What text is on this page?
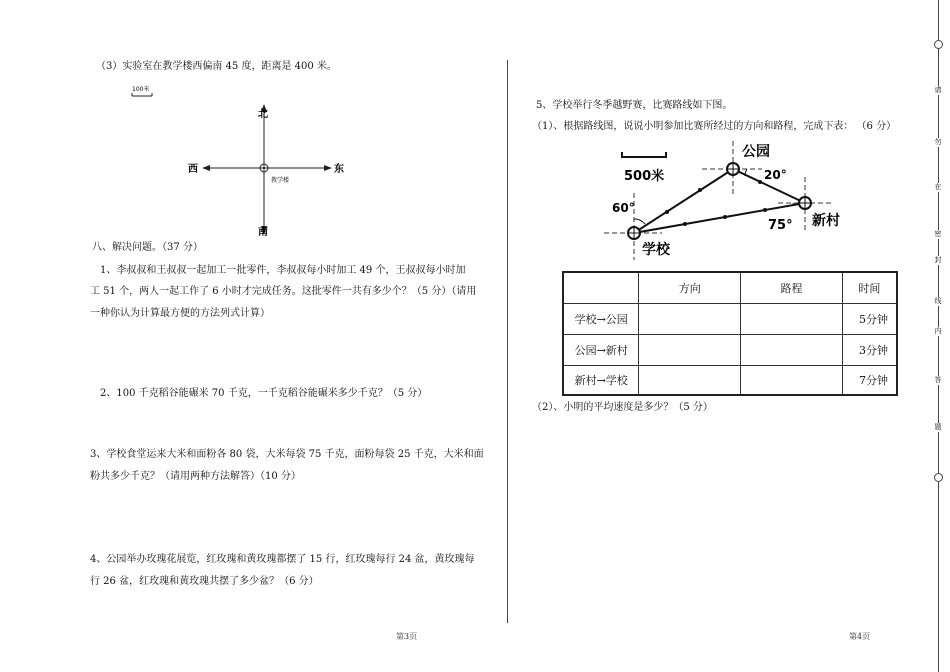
（3）实验室在教学楼西偏南 45 度，距离是 400 米。
100米
北
南
东
西
教学楼
八、解决问题。（37 分）
1、李叔叔和王叔叔一起加工一批零件，李叔叔每小时加工 49 个，王叔叔每小时加
工 51 个，两人一起工作了 6 小时才完成任务。这批零件一共有多少个？（5 分）（请用
一种你认为计算最方便的方法列式计算）
2、100 千克稻谷能碾米 70 千克，一千克稻谷能碾米多少千克？（5 分）
3、学校食堂运来大米和面粉各 80 袋，大米每袋 75 千克，面粉每袋 25 千克，大米和面
粉共多少千克？（请用两种方法解答）（10 分）
4、公园举办玫瑰花展览，红玫瑰和黄玫瑰都摆了 15 行，红玫瑰每行 24 盆，黄玫瑰每
行 26 盆，红玫瑰和黄玫瑰共摆了多少盆？（6 分）
第3页
5、学校举行冬季越野赛，比赛路线如下图。
（1）、根据路线图，说说小明参加比赛所经过的方向和路程，完成下表： （6 分）
500米
公园
新村
学校
60°
20°
75°
	方向	路程	时间
学校→公园			5分钟
公园→新村			3分钟
新村→学校			7分钟
（2）、小明的平均速度是多少？（5 分）
第4页
请
勿
在
密
封
线
内
答
题
